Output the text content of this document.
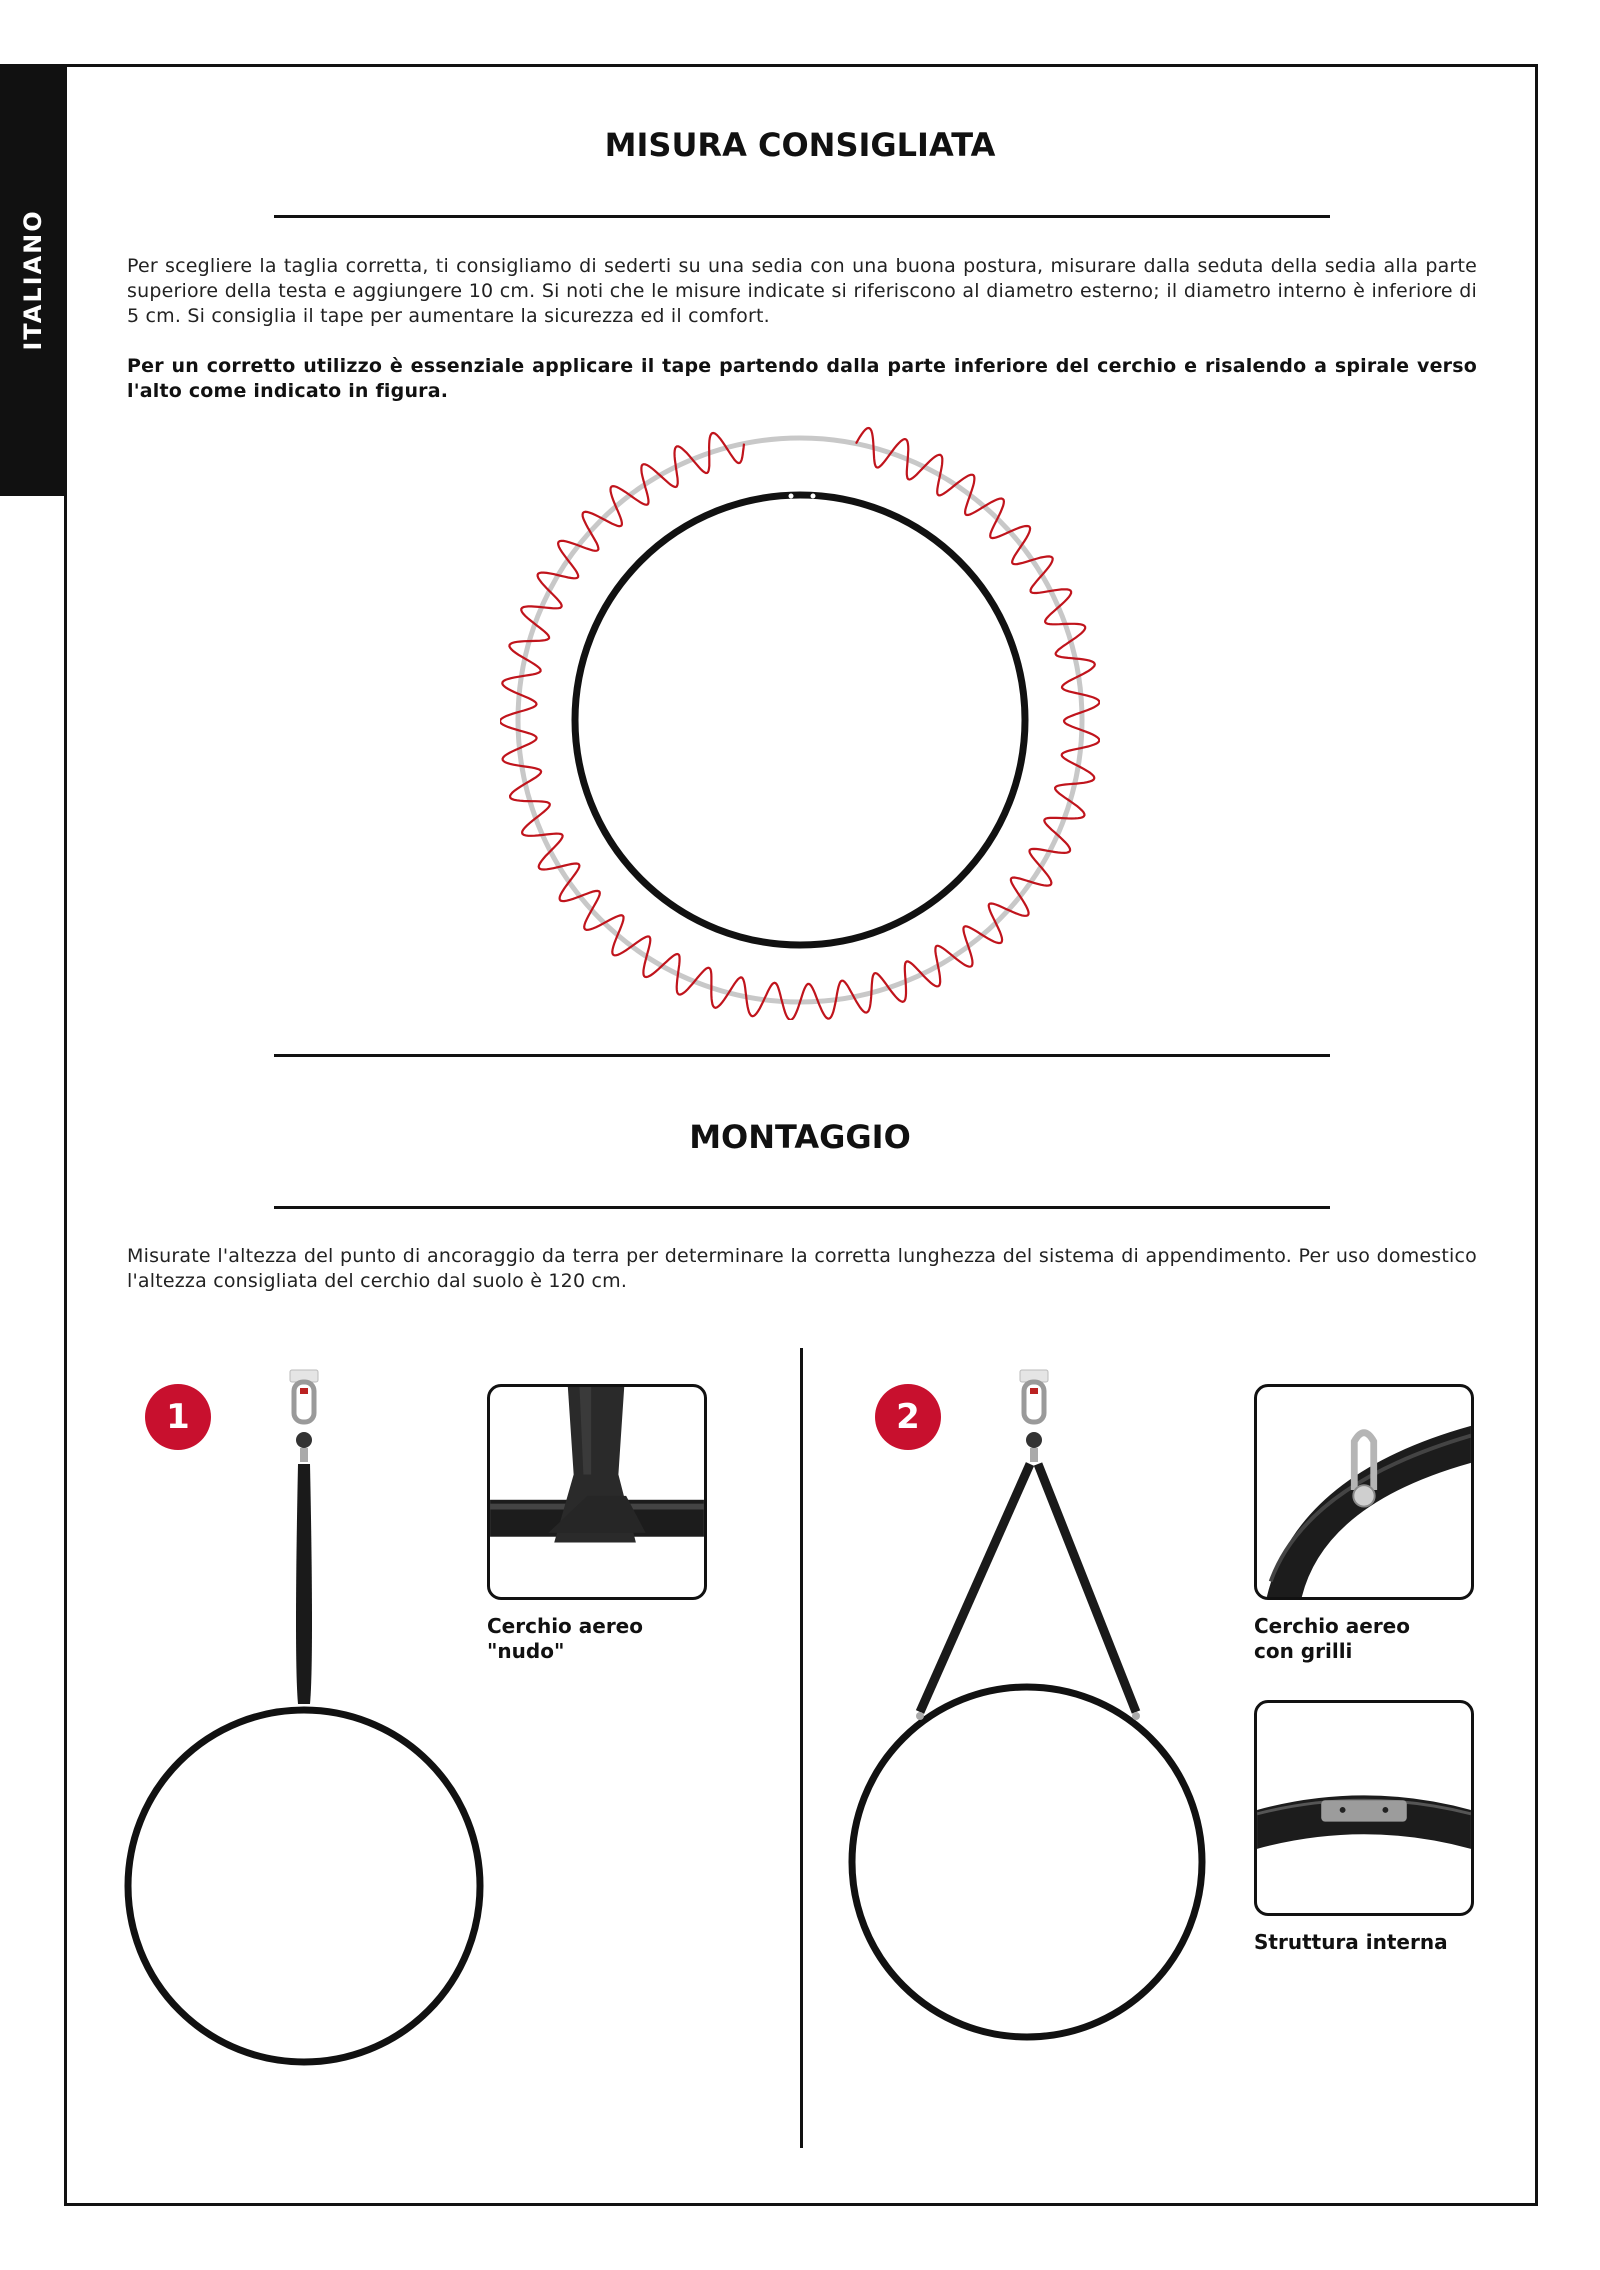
ITALIANO
MISURA CONSIGLIATA
Per scegliere la taglia corretta, ti consigliamo di sederti su una sedia con una buona postura, misurare dalla seduta della sedia alla parte superiore della testa e aggiungere 10 cm. Si noti che le misure indicate si riferiscono al diametro esterno; il diametro interno è inferiore di 5 cm. Si consiglia il tape per aumentare la sicurezza ed il comfort.
Per un corretto utilizzo è essenziale applicare il tape partendo dalla parte inferiore del cerchio e risalendo a spirale verso l'alto come indicato in figura.
MONTAGGIO
Misurate l'altezza del punto di ancoraggio da terra per determinare la corretta lunghezza del sistema di appendimento. Per uso domestico l'altezza consigliata del cerchio dal suolo è 120 cm.
1
Cerchio aereo
"nudo"
2
Cerchio aereo
con grilli
Struttura interna
